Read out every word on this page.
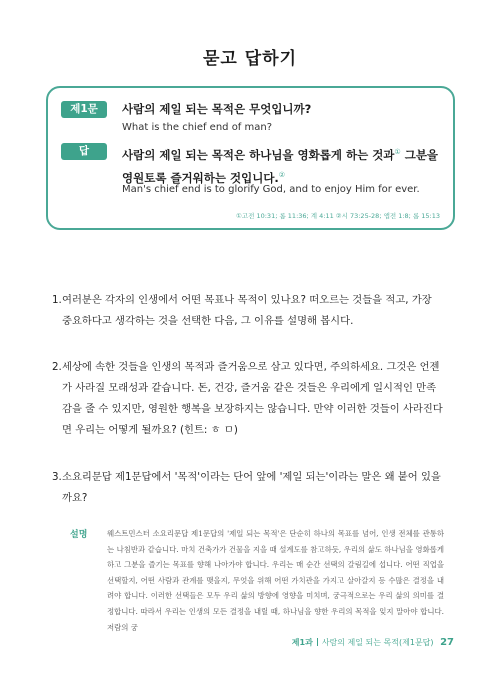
묻고 답하기
제1문	사람의 제일 되는 목적은 무엇입니까?
What is the chief end of man?
답	사람의 제일 되는 목적은 하나님을 영화롭게 하는 것과① 그분을 영원토록 즐거워하는 것입니다.②
Man's chief end is to glorify God, and to enjoy Him for ever.
①고전 10:31; 롬 11:36; 계 4:11 ②시 73:25-28; 앱전 1:8; 롬 15:13
1. 여러분은 각자의 인생에서 어떤 목표나 목적이 있나요? 떠오르는 것들을 적고, 가장 중요하다고 생각하는 것을 선택한 다음, 그 이유를 설명해 봅시다.
2. 세상에 속한 것들을 인생의 목적과 즐거움으로 삼고 있다면, 주의하세요. 그것은 언젠가 사라질 모래성과 같습니다. 돈, 건강, 즐거움 같은 것들은 우리에게 일시적인 만족감을 줄 수 있지만, 영원한 행복을 보장하지는 않습니다. 만약 이러한 것들이 사라진다면 우리는 어떻게 될까요? (힌트: ㅎ ㅁ)
3. 소요리문답 제1문답에서 '목적'이라는 단어 앞에 '제일 되는'이라는 말은 왜 붙어 있을까요?
설명	웨스트민스터 소요리문답 제1문답의 '제일 되는 목적'은 단순히 하나의 목표를 넘어, 인생 전체를 관통하는 나침반과 같습니다. 마치 건축가가 건물을 지을 때 설계도를 참고하듯, 우리의 삶도 하나님을 영화롭게 하고 그분을 즐기는 목표를 향해 나아가야 합니다. 우리는 매 순간 선택의 갈림길에 섭니다. 어떤 직업을 선택할지, 어떤 사람과 관계를 맺을지, 무엇을 위해 어떤 가치관을 가지고 살아갈지 등 수많은 결정을 내려야 합니다. 이러한 선택들은 모두 우리 삶의 방향에 영향을 미치며, 궁극적으로는 우리 삶의 의미를 결정합니다. 따라서 우리는 인생의 모든 결정을 내릴 때, 하나님을 향한 우리의 목적을 잊지 말아야 합니다. 저람의 궁
제1과 사람의 제일 되는 목적(제1문답) 27
